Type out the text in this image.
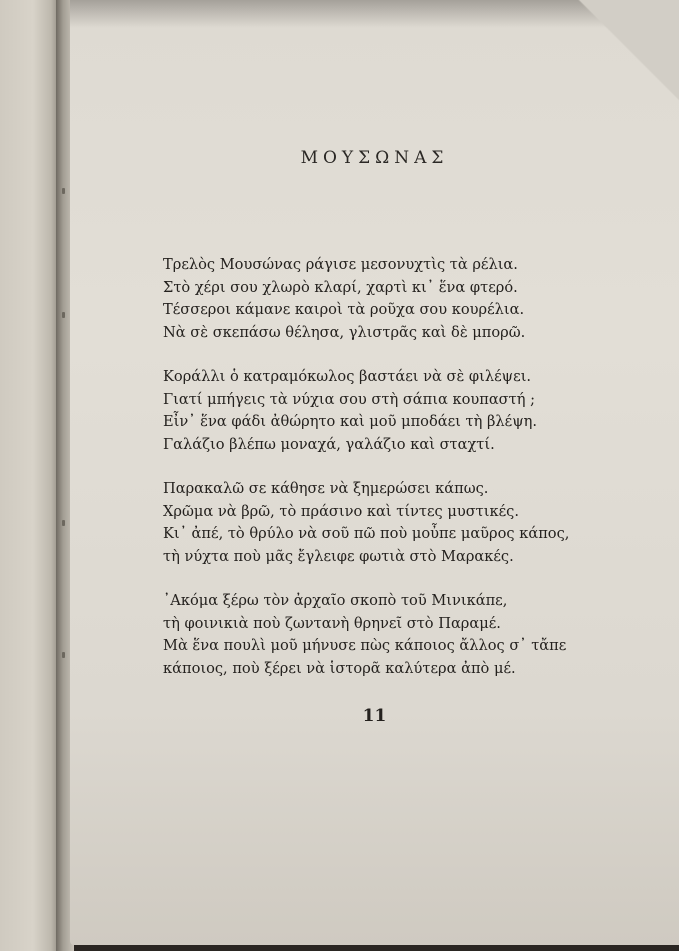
ΜΟΥΣΩΝΑΣ
Τρελὸς Μουσώνας ράγισε μεσονυχτὶς τὰ ρέλια.
Στὸ χέρι σου χλωρὸ κλαρί, χαρτὶ κι᾽ ἕνα φτερό.
Τέσσεροι κάμανε καιροὶ τὰ ροῦχα σου κουρέλια.
Νὰ σὲ σκεπάσω θέλησα, γλιστρᾶς καὶ δὲ μπορῶ.
Κοράλλι ὁ κατραμόκωλος βαστάει νὰ σὲ φιλέψει.
Γιατί μπήγεις τὰ νύχια σου στὴ σάπια κουπαστή ;
Εἶν᾽ ἕνα φάδι ἀθώρητο καὶ μοῦ μποδάει τὴ βλέψη.
Γαλάζιο βλέπω μοναχά, γαλάζιο καὶ σταχτί.
Παρακαλῶ σε κάθησε νὰ ξημερώσει κάπως.
Χρῶμα νὰ βρῶ, τὸ πράσινο καὶ τίντες μυστικές.
Κι᾽ ἀπέ, τὸ θρύλο νὰ σοῦ πῶ ποὺ μοὖπε μαῦρος κάπος,
τὴ νύχτα ποὺ μᾶς ἔγλειφε φωτιὰ στὸ Μαρακές.
᾽Ακόμα ξέρω τὸν ἀρχαῖο σκοπὸ τοῦ Μινικάπε,
τὴ φοινικιὰ ποὺ ζωντανὴ θρηνεῖ στὸ Παραμέ.
Μὰ ἕνα πουλὶ μοῦ μήνυσε πὼς κάποιος ἄλλος σ᾽ τἄπε
κάποιος, ποὺ ξέρει νὰ ἱστορᾶ καλύτερα ἀπὸ μέ.
11
